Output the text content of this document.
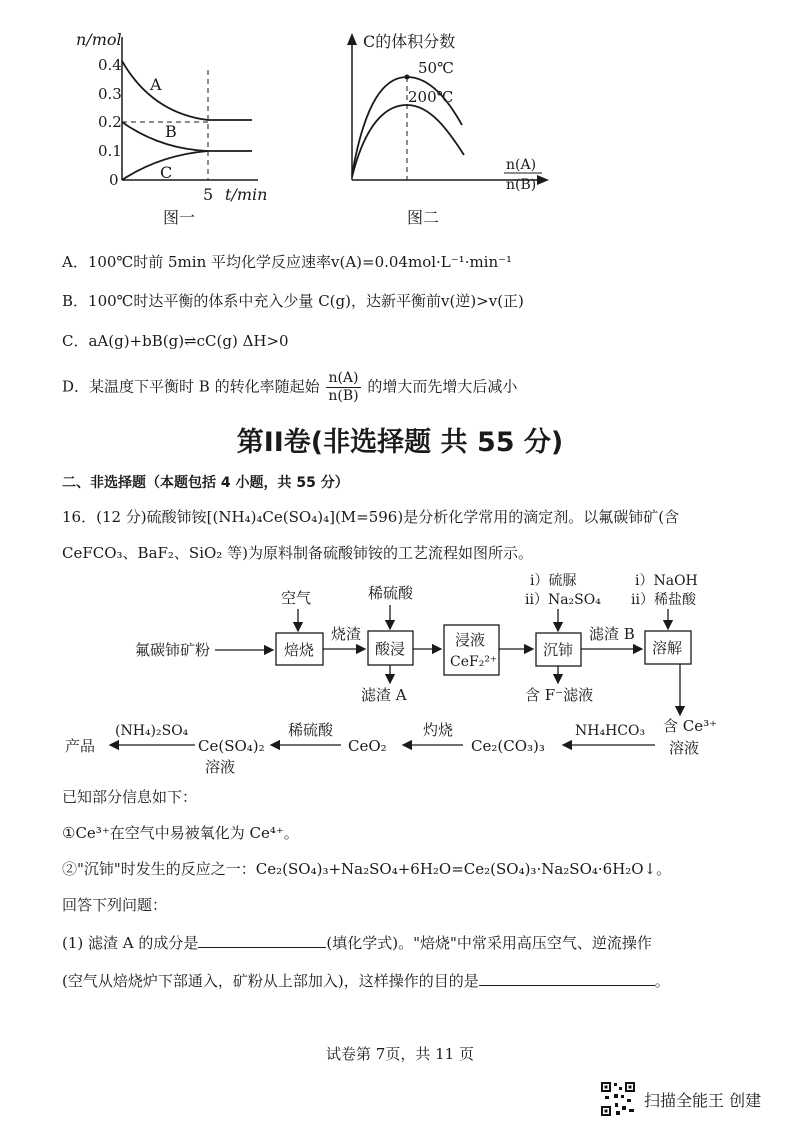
n/mol
0.4
0.3
0.2
0.1
0
A
B
C
5 t/min
图一
C的体积分数
50℃
200℃
n(A)
n(B)
图二
A．100℃时前 5min 平均化学反应速率v(A)=0.04mol·L⁻¹·min⁻¹
B．100℃时达平衡的体系中充入少量 C(g)，达新平衡前v(逆)>v(正)
C．aA(g)+bB(g)⇌cC(g) ΔH>0
D．某温度下平衡时 B 的转化率随起始 $\frac{n(A)}{n(B)}$ 的增大而先增大后减小
第II卷(非选择题 共 55 分)
二、非选择题（本题包括 4 小题，共 55 分）
16．(12 分)硫酸铈铵[(NH₄)₄Ce(SO₄)₄](M=596)是分析化学常用的滴定剂。以氟碳铈矿(含
CeFCO₃、BaF₂、SiO₂ 等)为原料制备硫酸铈铵的工艺流程如图所示。
氟碳铈矿粉
空气
焙烧
烧渣
稀硫酸
酸浸
滤渣 A
浸液
CeF₂²⁺
i）硫脲
ii）Na₂SO₄
沉铈
含 F⁻滤液
滤渣 B
i）NaOH
ii）稀盐酸
溶解
含 Ce³⁺
溶液
NH₄HCO₃
Ce₂(CO₃)₃
灼烧
CeO₂
稀硫酸
Ce(SO₄)₂
溶液
(NH₄)₂SO₄
产品
已知部分信息如下：
①Ce³⁺在空气中易被氧化为 Ce⁴⁺。
②"沉铈"时发生的反应之一：Ce₂(SO₄)₃+Na₂SO₄+6H₂O=Ce₂(SO₄)₃·Na₂SO₄·6H₂O↓。
回答下列问题：
(1) 滤渣 A 的成分是	(填化学式)。"焙烧"中常采用高压空气、逆流操作
(空气从焙烧炉下部通入，矿粉从上部加入)，这样操作的目的是	。
试卷第 7页，共 11 页
扫描全能王 创建
